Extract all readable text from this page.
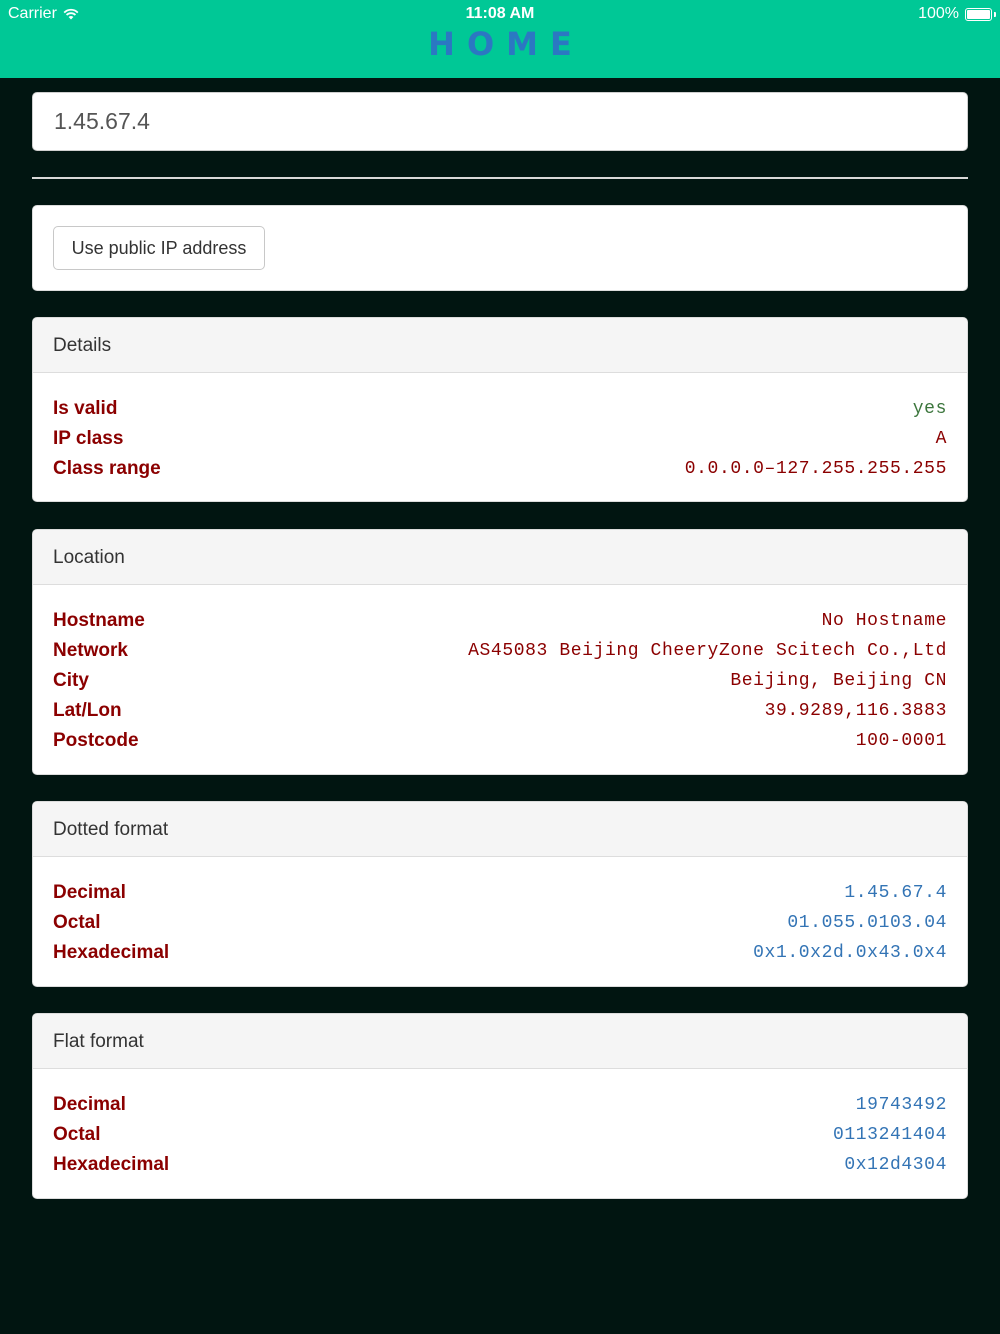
Carrier	11:08 AM	100%
HOME
1.45.67.4
Use public IP address
Details
Is valid	yes
IP class	A
Class range	0.0.0.0–127.255.255.255
Location
Hostname	No Hostname
Network	AS45083 Beijing CheeryZone Scitech Co.,Ltd
City	Beijing, Beijing CN
Lat/Lon	39.9289,116.3883
Postcode	100-0001
Dotted format
Decimal	1.45.67.4
Octal	01.055.0103.04
Hexadecimal	0x1.0x2d.0x43.0x4
Flat format
Decimal	19743492
Octal	0113241404
Hexadecimal	0x12d4304
